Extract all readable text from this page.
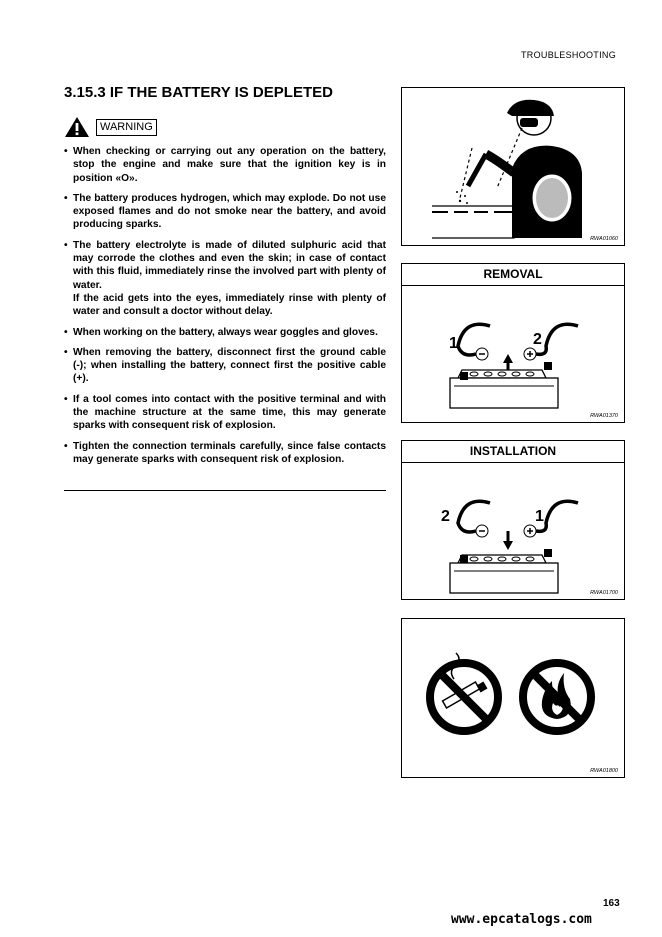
TROUBLESHOOTING
3.15.3 IF THE BATTERY IS DEPLETED
WARNING
• When checking or carrying out any operation on the battery, stop the engine and make sure that the ignition key is in position «O».
• The battery produces hydrogen, which may explode. Do not use exposed flames and do not smoke near the battery, and avoid producing sparks.
• The battery electrolyte is made of diluted sulphuric acid that may corrode the clothes and even the skin; in case of contact with this fluid, immediately rinse the involved part with plenty of water.
If the acid gets into the eyes, immediately rinse with plenty of water and consult a doctor without delay.
• When working on the battery, always wear goggles and gloves.
• When removing the battery, disconnect first the ground cable (-); when installing the battery, connect first the positive cable (+).
• If a tool comes into contact with the positive terminal and with the machine structure at the same time, this may generate sparks with consequent risk of explosion.
• Tighten the connection terminals carefully, since false contacts may generate sparks with consequent risk of explosion.
RWA01060
REMOVAL
1	2
RWA01370
INSTALLATION
2	1
RWA01700
RWA01800
163
www.epcatalogs.com
